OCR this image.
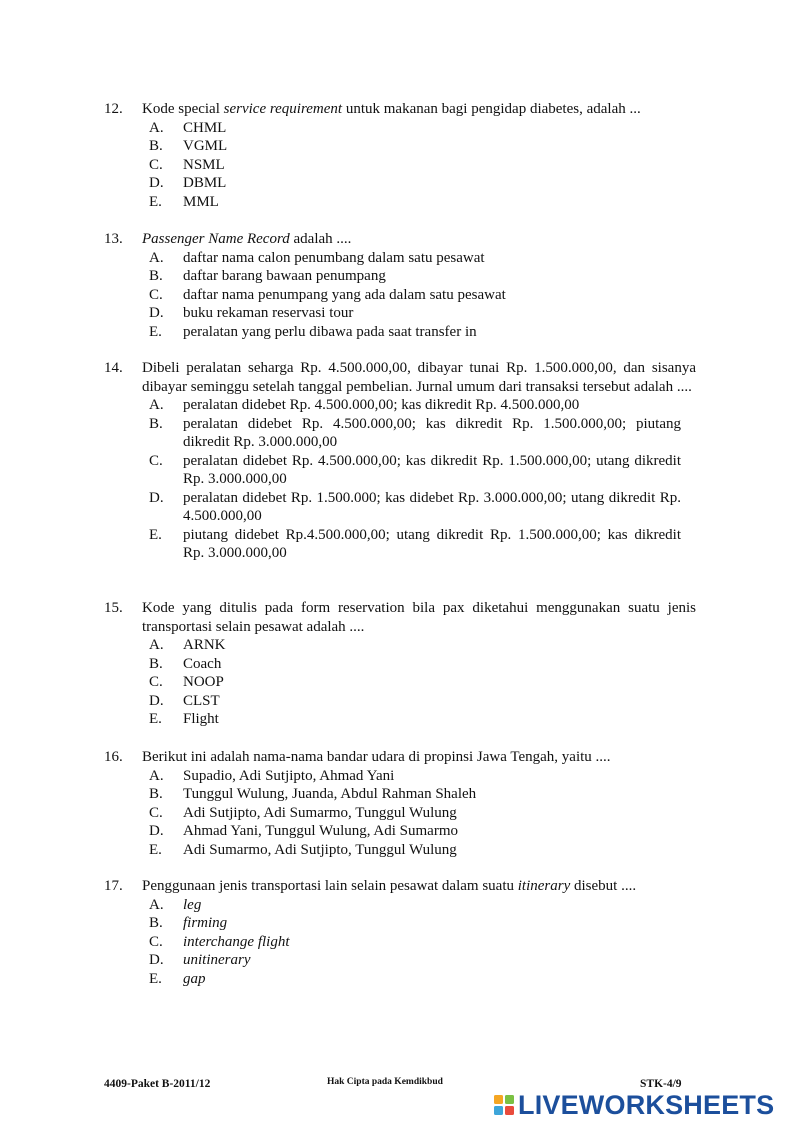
12. Kode special service requirement untuk makanan bagi pengidap diabetes, adalah ...
A. CHML
B. VGML
C. NSML
D. DBML
E. MML
13. Passenger Name Record adalah ....
A. daftar nama calon penumbang dalam satu pesawat
B. daftar barang bawaan penumpang
C. daftar nama penumpang yang ada dalam satu pesawat
D. buku rekaman reservasi tour
E. peralatan yang perlu dibawa pada saat transfer in
14. Dibeli peralatan seharga Rp. 4.500.000,00, dibayar tunai Rp. 1.500.000,00, dan sisanya dibayar seminggu setelah tanggal pembelian. Jurnal umum dari transaksi tersebut adalah ....
A. peralatan didebet Rp. 4.500.000,00; kas dikredit Rp. 4.500.000,00
B. peralatan didebet Rp. 4.500.000,00; kas dikredit Rp. 1.500.000,00; piutang dikredit Rp. 3.000.000,00
C. peralatan didebet Rp. 4.500.000,00; kas dikredit Rp. 1.500.000,00; utang dikredit Rp. 3.000.000,00
D. peralatan didebet Rp. 1.500.000; kas didebet Rp. 3.000.000,00; utang dikredit Rp. 4.500.000,00
E. piutang didebet Rp.4.500.000,00; utang dikredit Rp. 1.500.000,00; kas dikredit Rp. 3.000.000,00
15. Kode yang ditulis pada form reservation bila pax diketahui menggunakan suatu jenis transportasi selain pesawat adalah ....
A. ARNK
B. Coach
C. NOOP
D. CLST
E. Flight
16. Berikut ini adalah nama-nama bandar udara di propinsi Jawa Tengah, yaitu ....
A. Supadio, Adi Sutjipto, Ahmad Yani
B. Tunggul Wulung, Juanda, Abdul Rahman Shaleh
C. Adi Sutjipto, Adi Sumarmo, Tunggul Wulung
D. Ahmad Yani, Tunggul Wulung, Adi Sumarmo
E. Adi Sumarmo, Adi Sutjipto, Tunggul Wulung
17. Penggunaan jenis transportasi lain selain pesawat dalam suatu itinerary disebut ....
A. leg
B. firming
C. interchange flight
D. unitinerary
E. gap
4409-Paket B-2011/12	Hak Cipta pada Kemdikbud	STK-4/9
LIVEWORKSHEETS
